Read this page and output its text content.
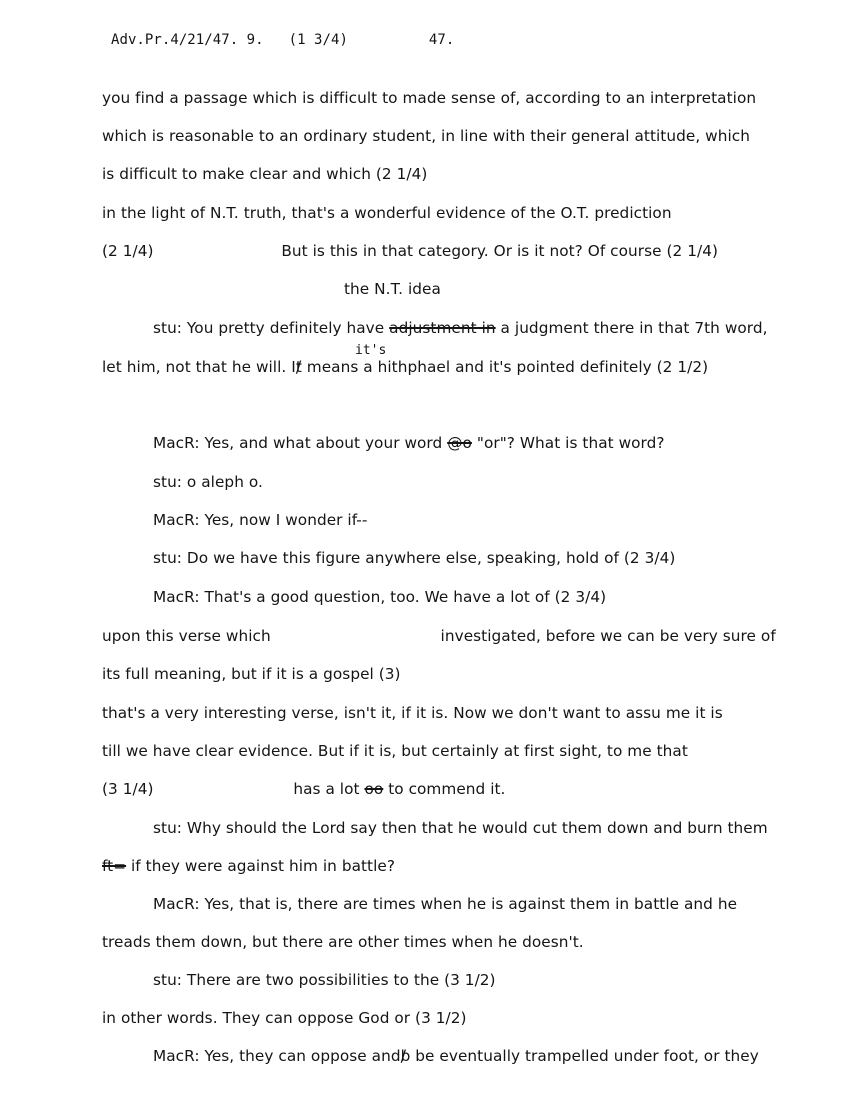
Adv.Pr.4/21/47. 9. (1 3/4)	47.
you find a passage which is difficult to made sense of, according to an interpretation
which is reasonable to an ordinary student, in line with their general attitude, which
is difficult to make clear and which (2 1/4)
in the light of N.T. truth, that's a wonderful evidence of the O.T. prediction
(2 1/4)	But is this in that category. Or is it not? Of course (2 1/4)
the N.T. idea
stu: You pretty definitely have adjustment in a judgment there in that 7th word,
it's
let him, not that he will. It mean /s a hithphael and it's pointed definitely (2 1/2)
MacR: Yes, and what about your word @o "or"? What is that word?
stu: o aleph o.
MacR: Yes, now I wonder if--
stu: Do we have this figure anywhere else, speaking, hold of (2 3/4)
MacR: That's a good question, too. We have a lot of (2 3/4)
upon this verse which	investigated, before we can be very sure of
its full meaning, but if it is a gospel (3)
that's a very interesting verse, isn't it, if it is. Now we don't want to assu me it is
till we have clear evidence. But if it is, but certainly at first sight, to me that
(3 1/4)	has a lot oo to commend it.
stu: Why should the Lord say then that he would cut them down and burn them
ft= if they were against him in battle?
MacR: Yes, that is, there are times when he is against them in battle and he
treads them down, but there are other times when he doesn't.
stu: There are two possibilities to the (3 1/2)
in other words. They can oppose God or (3 1/2)
MacR: Yes, they can oppose andb / be eventually trampelled under foot, or they
